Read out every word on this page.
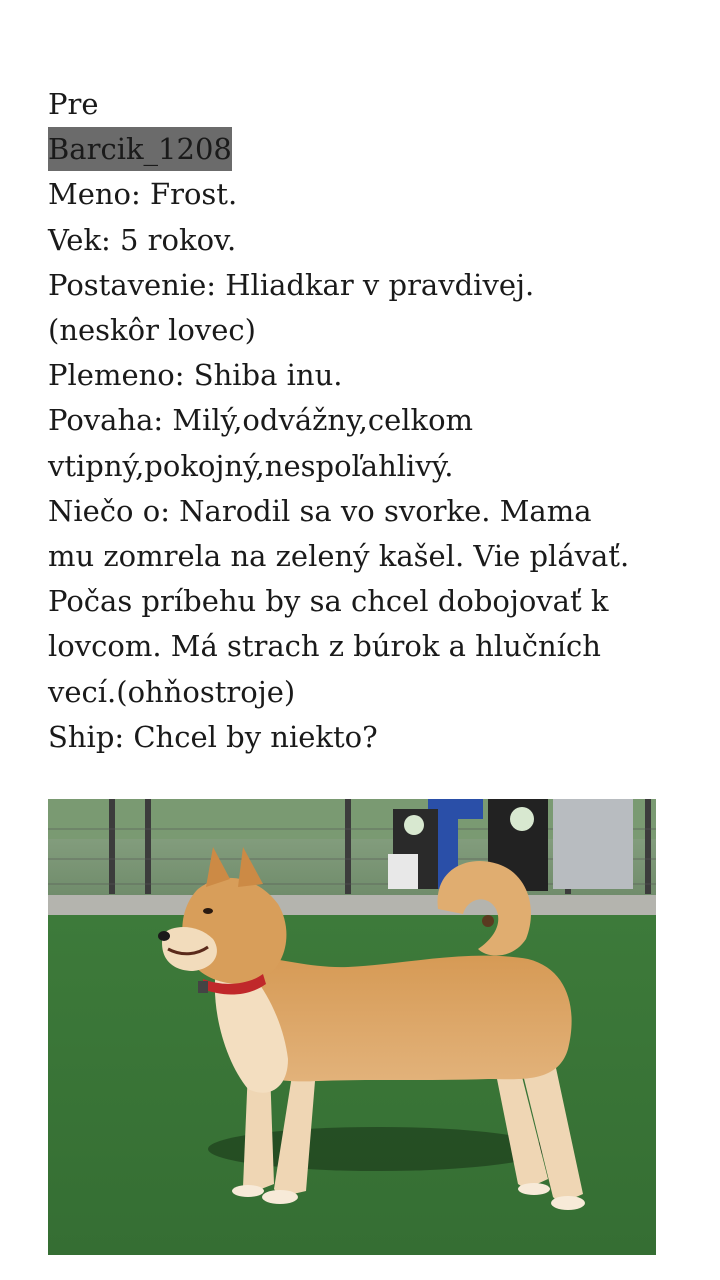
Pre
Barcik_1208
Meno: Frost.
Vek: 5 rokov.
Postavenie: Hliadkar v pravdivej.
(neskôr lovec)
Plemeno: Shiba inu.
Povaha: Milý,odvážny,celkom
vtipný,pokojný,nespoľahlivý.
Niečo o: Narodil sa vo svorke. Mama
mu zomrela na zelený kašel. Vie plávať.
Počas príbehu by sa chcel dobojovať k
lovcom. Má strach z búrok a hlučních
vecí.(ohňostroje)
Ship: Chcel by niekto?
